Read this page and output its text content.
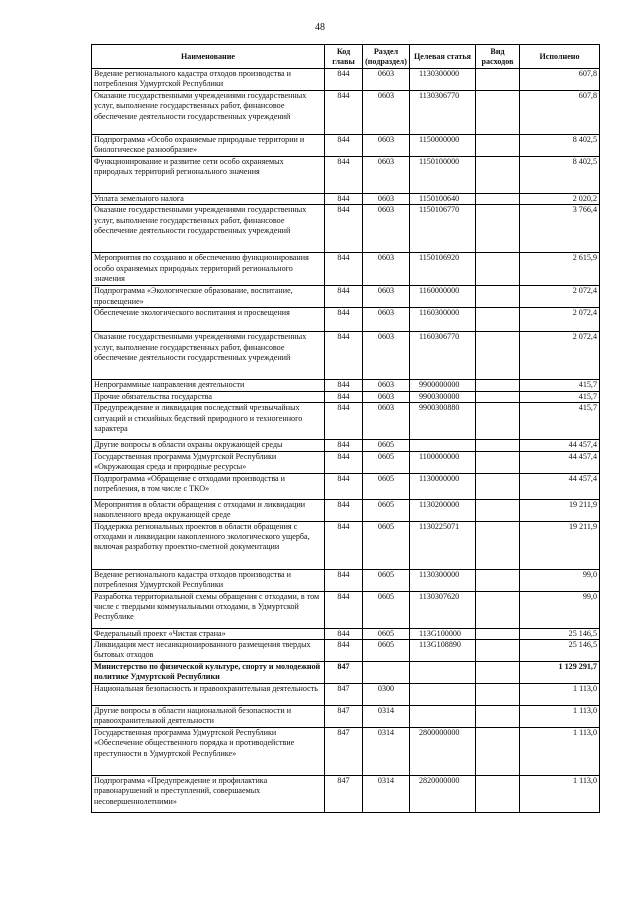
48
Наименование	Код главы	Раздел (подраздел)	Целевая статья	Вид расходов	Исполнено
Ведение регионального кадастра отходов производства и потребления Удмуртской Республики	844	0603	1130300000		607,8
Оказание государственными учреждениями государственных услуг, выполнение государственных работ, финансовое обеспечение деятельности государственных учреждений	844	0603	1130306770		607,8
Подпрограмма «Особо охраняемые природные территории и биологическое разнообразие»	844	0603	1150000000		8 402,5
Функционирование и развитие сети особо охраняемых природных территорий регионального значения	844	0603	1150100000		8 402,5
Уплата земельного налога	844	0603	1150100640		2 020,2
Оказание государственными учреждениями государственных услуг, выполнение государственных работ, финансовое обеспечение деятельности государственных учреждений	844	0603	1150106770		3 766,4
Мероприятия по созданию и обеспечению функционирования особо охраняемых природных территорий регионального значения	844	0603	1150106920		2 615,9
Подпрограмма «Экологическое образование, воспитание, просвещение»	844	0603	1160000000		2 072,4
Обеспечение экологического воспитания и просвещения	844	0603	1160300000		2 072,4
Оказание государственными учреждениями государственных услуг, выполнение государственных работ, финансовое обеспечение деятельности государственных учреждений	844	0603	1160306770		2 072,4
Непрограммные направления деятельности	844	0603	9900000000		415,7
Прочие обязательства государства	844	0603	9900300000		415,7
Предупреждение и ликвидация последствий чрезвычайных ситуаций и стихийных бедствий природного и техногенного характера	844	0603	9900300880		415,7
Другие вопросы в области охраны окружающей среды	844	0605			44 457,4
Государственная программа Удмуртской Республики «Окружающая среда и природные ресурсы»	844	0605	1100000000		44 457,4
Подпрограмма «Обращение с отходами производства и потребления, в том числе с ТКО»	844	0605	1130000000		44 457,4
Мероприятия в области обращения с отходами и ликвидации накопленного вреда окружающей среде	844	0605	1130200000		19 211,9
Поддержка региональных проектов в области обращения с отходами и ликвидации накопленного экологического ущерба, включая разработку проектно-сметной документации	844	0605	1130225071		19 211,9
Ведение регионального кадастра отходов производства и потребления Удмуртской Республики	844	0605	1130300000		99,0
Разработка территориальной схемы обращения с отходами, в том числе с твердыми коммунальными отходами, в Удмуртской Республике	844	0605	1130307620		99,0
Федеральный проект «Чистая страна»	844	0605	113G100000		25 146,5
Ликвидация мест несанкционированного размещения твердых бытовых отходов	844	0605	113G108890		25 146,5
Министерство по физической культуре, спорту и молодежной политике Удмуртской Республики	847				1 129 291,7
Национальная безопасность и правоохранительная деятельность	847	0300			1 113,0
Другие вопросы в области национальной безопасности и правоохранительной деятельности	847	0314			1 113,0
Государственная программа Удмуртской Республики «Обеспечение общественного порядка и противодействие преступности в Удмуртской Республике»	847	0314	2800000000		1 113,0
Подпрограмма «Предупреждение и профилактика правонарушений и преступлений, совершаемых несовершеннолетними»	847	0314	2820000000		1 113,0
